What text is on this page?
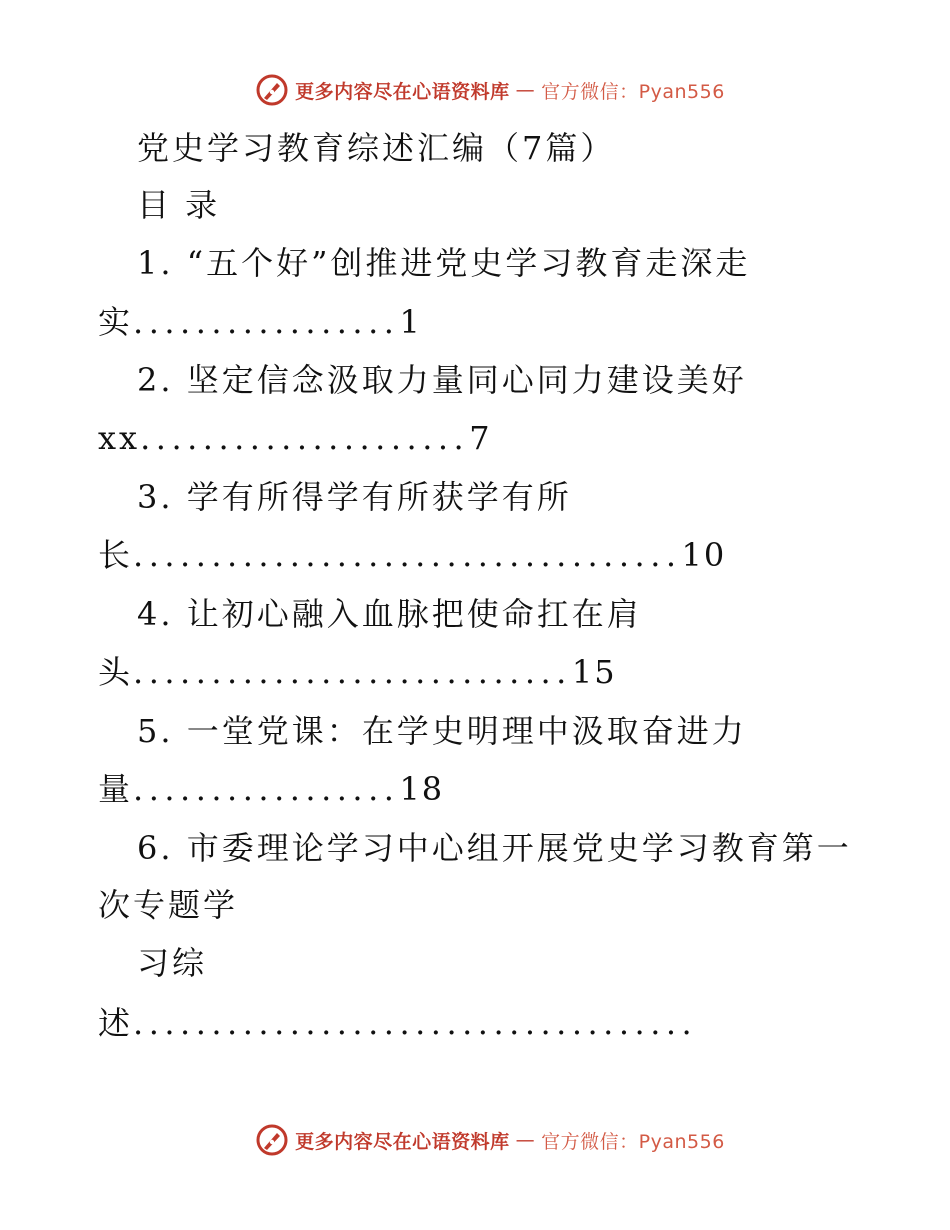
更多内容尽在心语资料库 — 官方微信：Pyan556
党史学习教育综述汇编（7篇）
目 录
1. “五个好”创推进党史学习教育走深走
实.................1
2. 坚定信念汲取力量同心同力建设美好
xx.....................7
3. 学有所得学有所获学有所
长...................................10
4. 让初心融入血脉把使命扛在肩
头............................15
5. 一堂党课：在学史明理中汲取奋进力
量.................18
6. 市委理论学习中心组开展党史学习教育第一
次专题学
习综
述....................................
更多内容尽在心语资料库 — 官方微信：Pyan556
